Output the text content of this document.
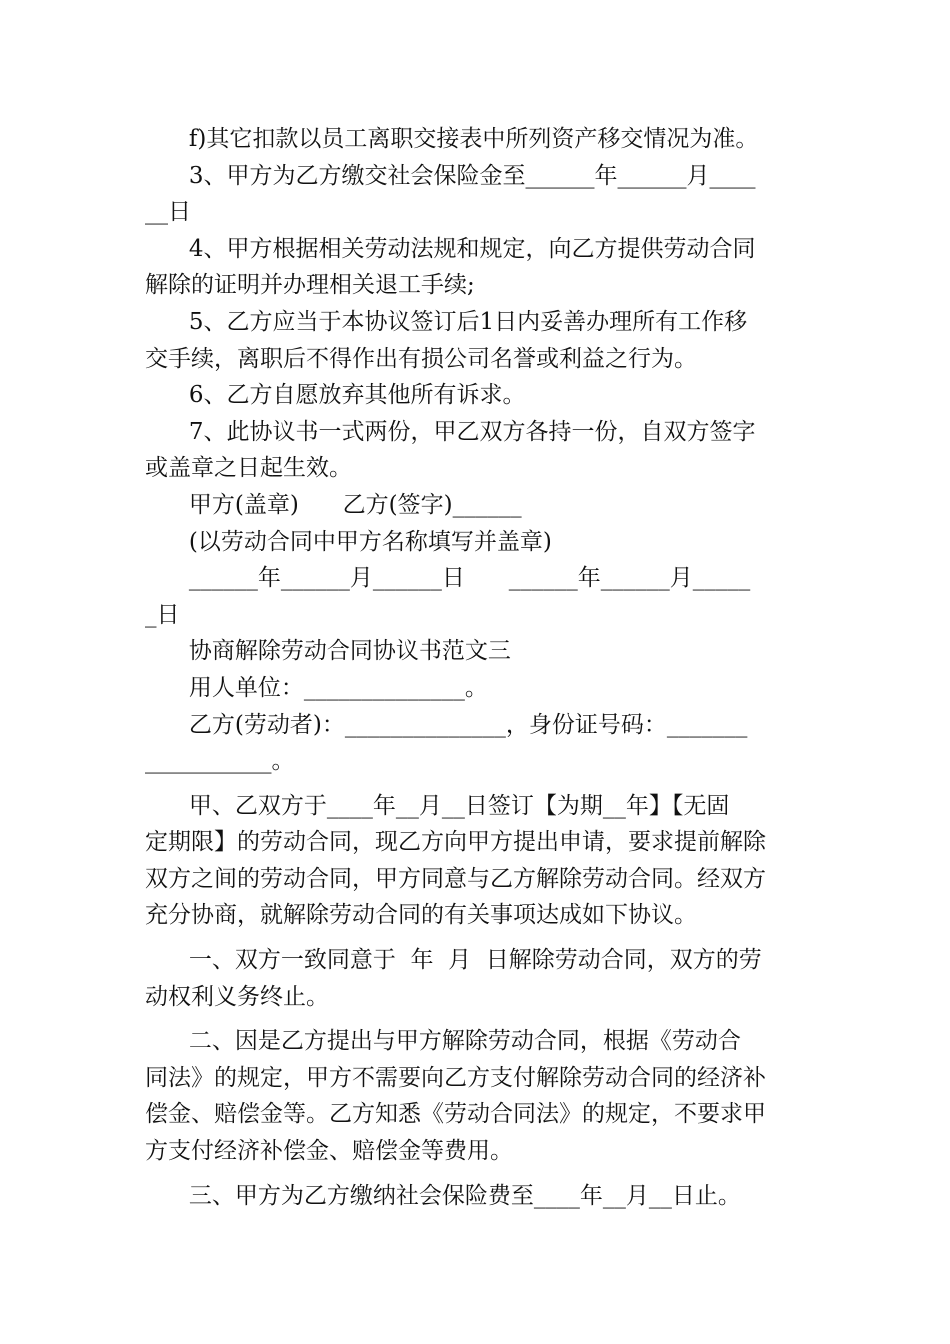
f)其它扣款以员工离职交接表中所列资产移交情况为准。
3、甲方为乙方缴交社会保险金至______年______月____
__日
4、甲方根据相关劳动法规和规定，向乙方提供劳动合同
解除的证明并办理相关退工手续;
5、乙方应当于本协议签订后1日内妥善办理所有工作移
交手续，离职后不得作出有损公司名誉或利益之行为。
6、乙方自愿放弃其他所有诉求。
7、此协议书一式两份，甲乙双方各持一份，自双方签字
或盖章之日起生效。
甲方(盖章)      乙方(签字)______
(以劳动合同中甲方名称填写并盖章)
______年______月______日      ______年______月_____
_日
协商解除劳动合同协议书范文三
用人单位：______________。
乙方(劳动者)：______________，身份证号码：_______
___________。
甲、乙双方于____年__月__日签订【为期__年】【无固
定期限】的劳动合同，现乙方向甲方提出申请，要求提前解除
双方之间的劳动合同，甲方同意与乙方解除劳动合同。经双方
充分协商，就解除劳动合同的有关事项达成如下协议。
一、双方一致同意于  年  月  日解除劳动合同，双方的劳
动权利义务终止。
二、因是乙方提出与甲方解除劳动合同，根据《劳动合
同法》的规定，甲方不需要向乙方支付解除劳动合同的经济补
偿金、赔偿金等。乙方知悉《劳动合同法》的规定，不要求甲
方支付经济补偿金、赔偿金等费用。
三、甲方为乙方缴纳社会保险费至____年__月__日止。
